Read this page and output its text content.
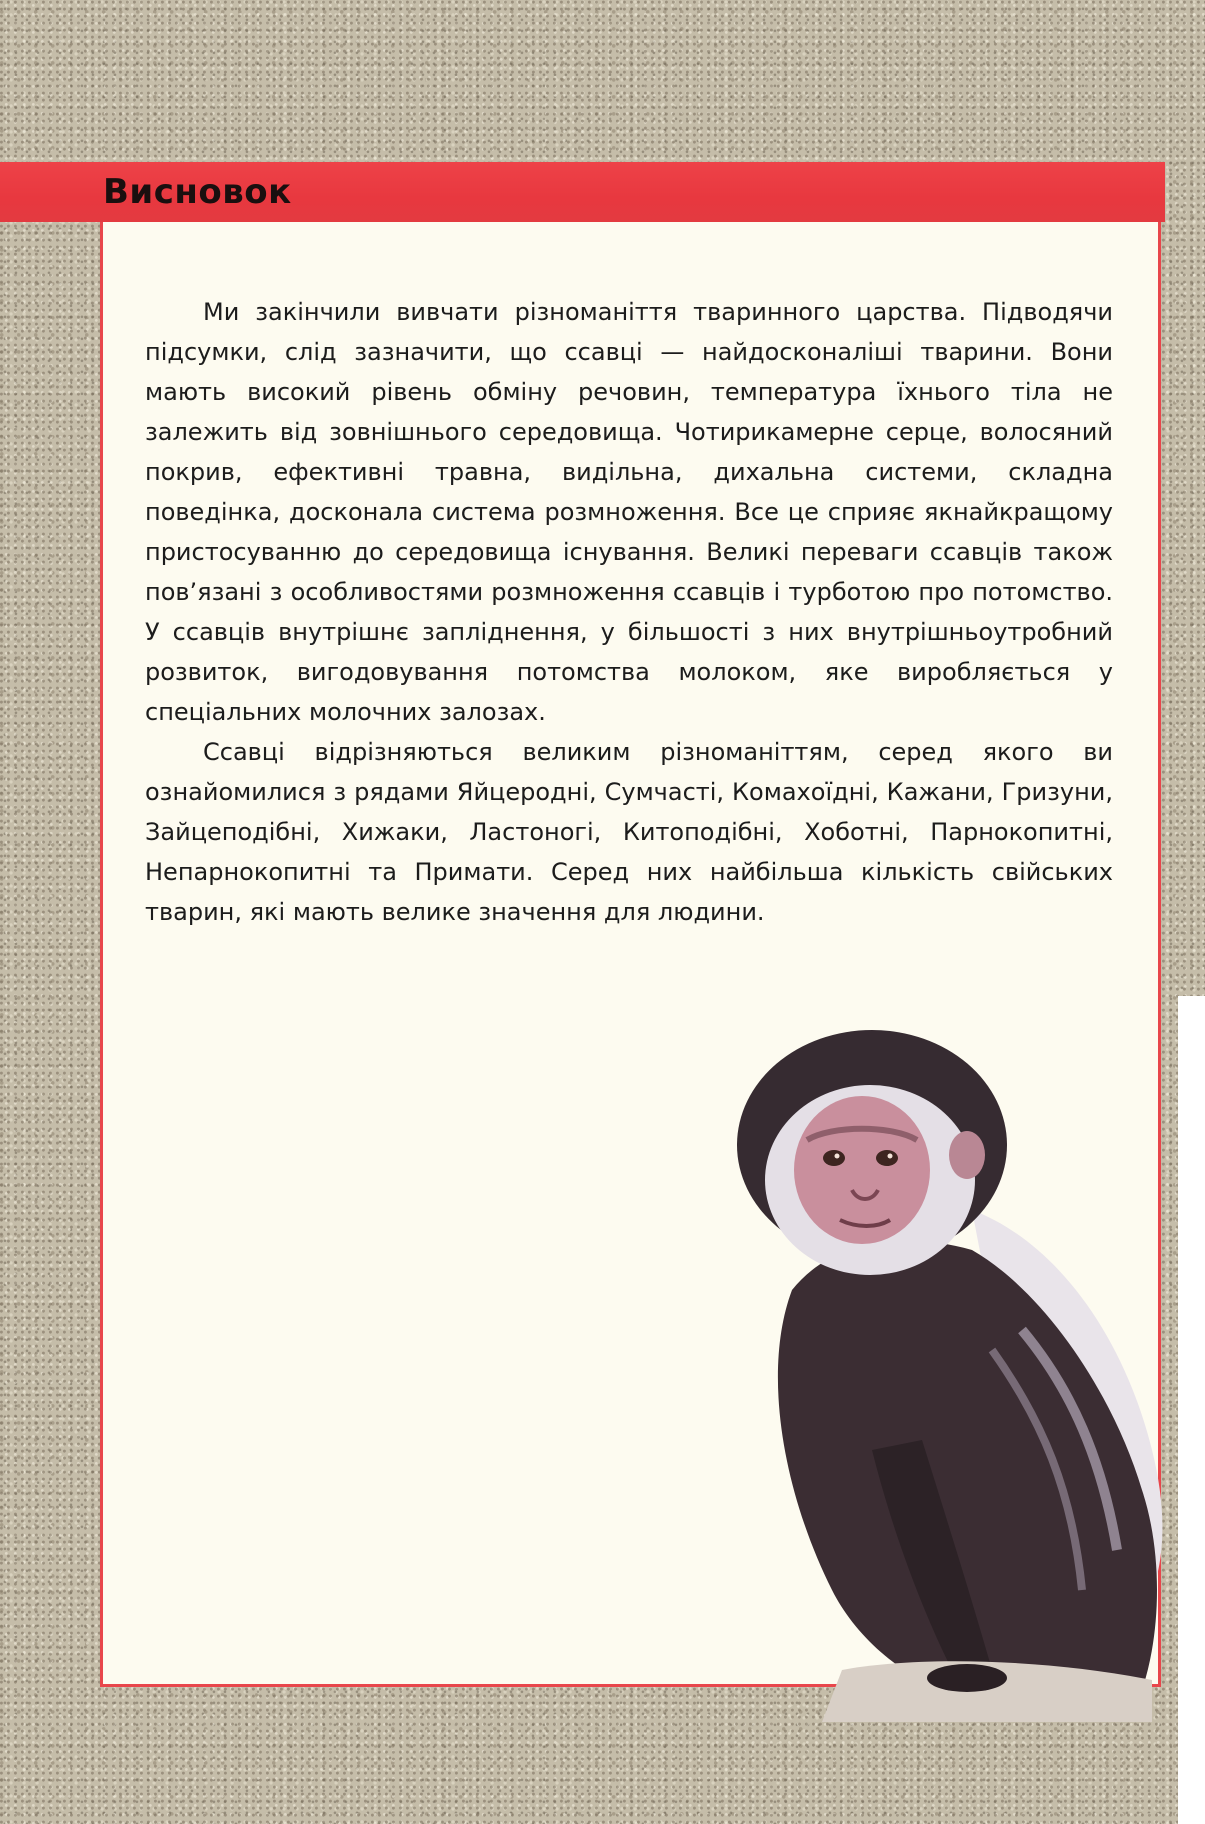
Висновок

Ми закінчили вивчати різноманіття тваринного царства. Підводячи підсумки, слід зазначити, що ссавці — найдосконаліші тварини. Вони мають високий рівень обміну речовин, температура їхнього тіла не залежить від зовнішнього середовища. Чотирикамерне серце, волосяний покрив, ефективні травна, видільна, дихальна системи, складна поведінка, досконала система розмноження. Все це сприяє якнайкращому пристосуванню до середовища існування. Великі переваги ссавців також пов’язані з особливостями розмноження ссавців і турботою про потомство. У ссавців внутрішнє запліднення, у більшості з них внутрішньоутробний розвиток, вигодовування потомства молоком, яке виробляється у спеціальних молочних залозах.

Ссавці відрізняються великим різноманіттям, серед якого ви ознайомилися з рядами Яйцеродні, Сумчасті, Комахоїдні, Кажани, Гризуни, Зайцеподібні, Хижаки, Ластоногі, Китоподібні, Хоботні, Парнокопитні, Непарнокопитні та Примати. Серед них найбільша кількість свійських тварин, які мають велике значення для людини.
